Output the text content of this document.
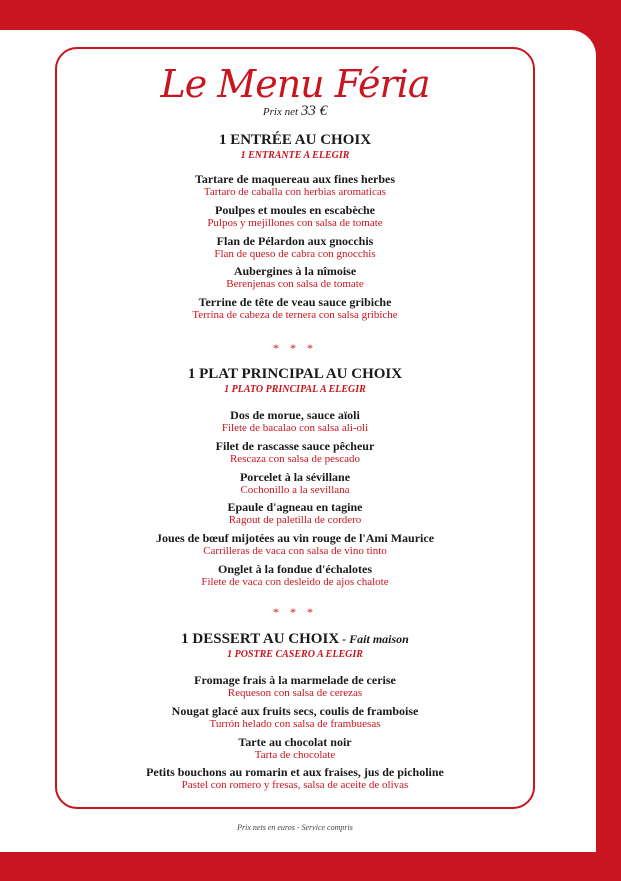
Le Menu Féria
Prix net 33 €
1 ENTRÉE AU CHOIX
1 ENTRANTE A ELEGIR
Tartare de maquereau aux fines herbes
Tartaro de caballa con herbias aromaticas
Poulpes et moules en escabèche
Pulpos y mejillones con salsa de tomate
Flan de Pélardon aux gnocchis
Flan de queso de cabra con gnocchis
Aubergines à la nîmoise
Berenjenas con salsa de tomate
Terrine de tête de veau sauce gribiche
Terrina de cabeza de ternera con salsa gribiche
1 PLAT PRINCIPAL AU CHOIX
1 PLATO PRINCIPAL A ELEGIR
Dos de morue, sauce aïoli
Filete de bacalao con salsa ali-oli
Filet de rascasse sauce pêcheur
Rescaza con salsa de pescado
Porcelet à la sévillane
Cochonillo a la sevillana
Epaule d'agneau en tagine
Ragout de paletilla de cordero
Joues de bœuf mijotées au vin rouge de l'Ami Maurice
Carrilleras de vaca con salsa de vino tinto
Onglet à la fondue d'échalotes
Filete de vaca con desleido de ajos chalote
1 DESSERT AU CHOIX - Fait maison
1 POSTRE CASERO A ELEGIR
Fromage frais à la marmelade de cerise
Requeson con salsa de cerezas
Nougat glacé aux fruits secs, coulis de framboise
Turrón helado con salsa de frambuesas
Tarte au chocolat noir
Tarta de chocolate
Petits bouchons au romarin et aux fraises, jus de picholine
Pastel con romero y fresas, salsa de aceite de olivas
* * *
* * *
Prix nets en euros - Service compris
